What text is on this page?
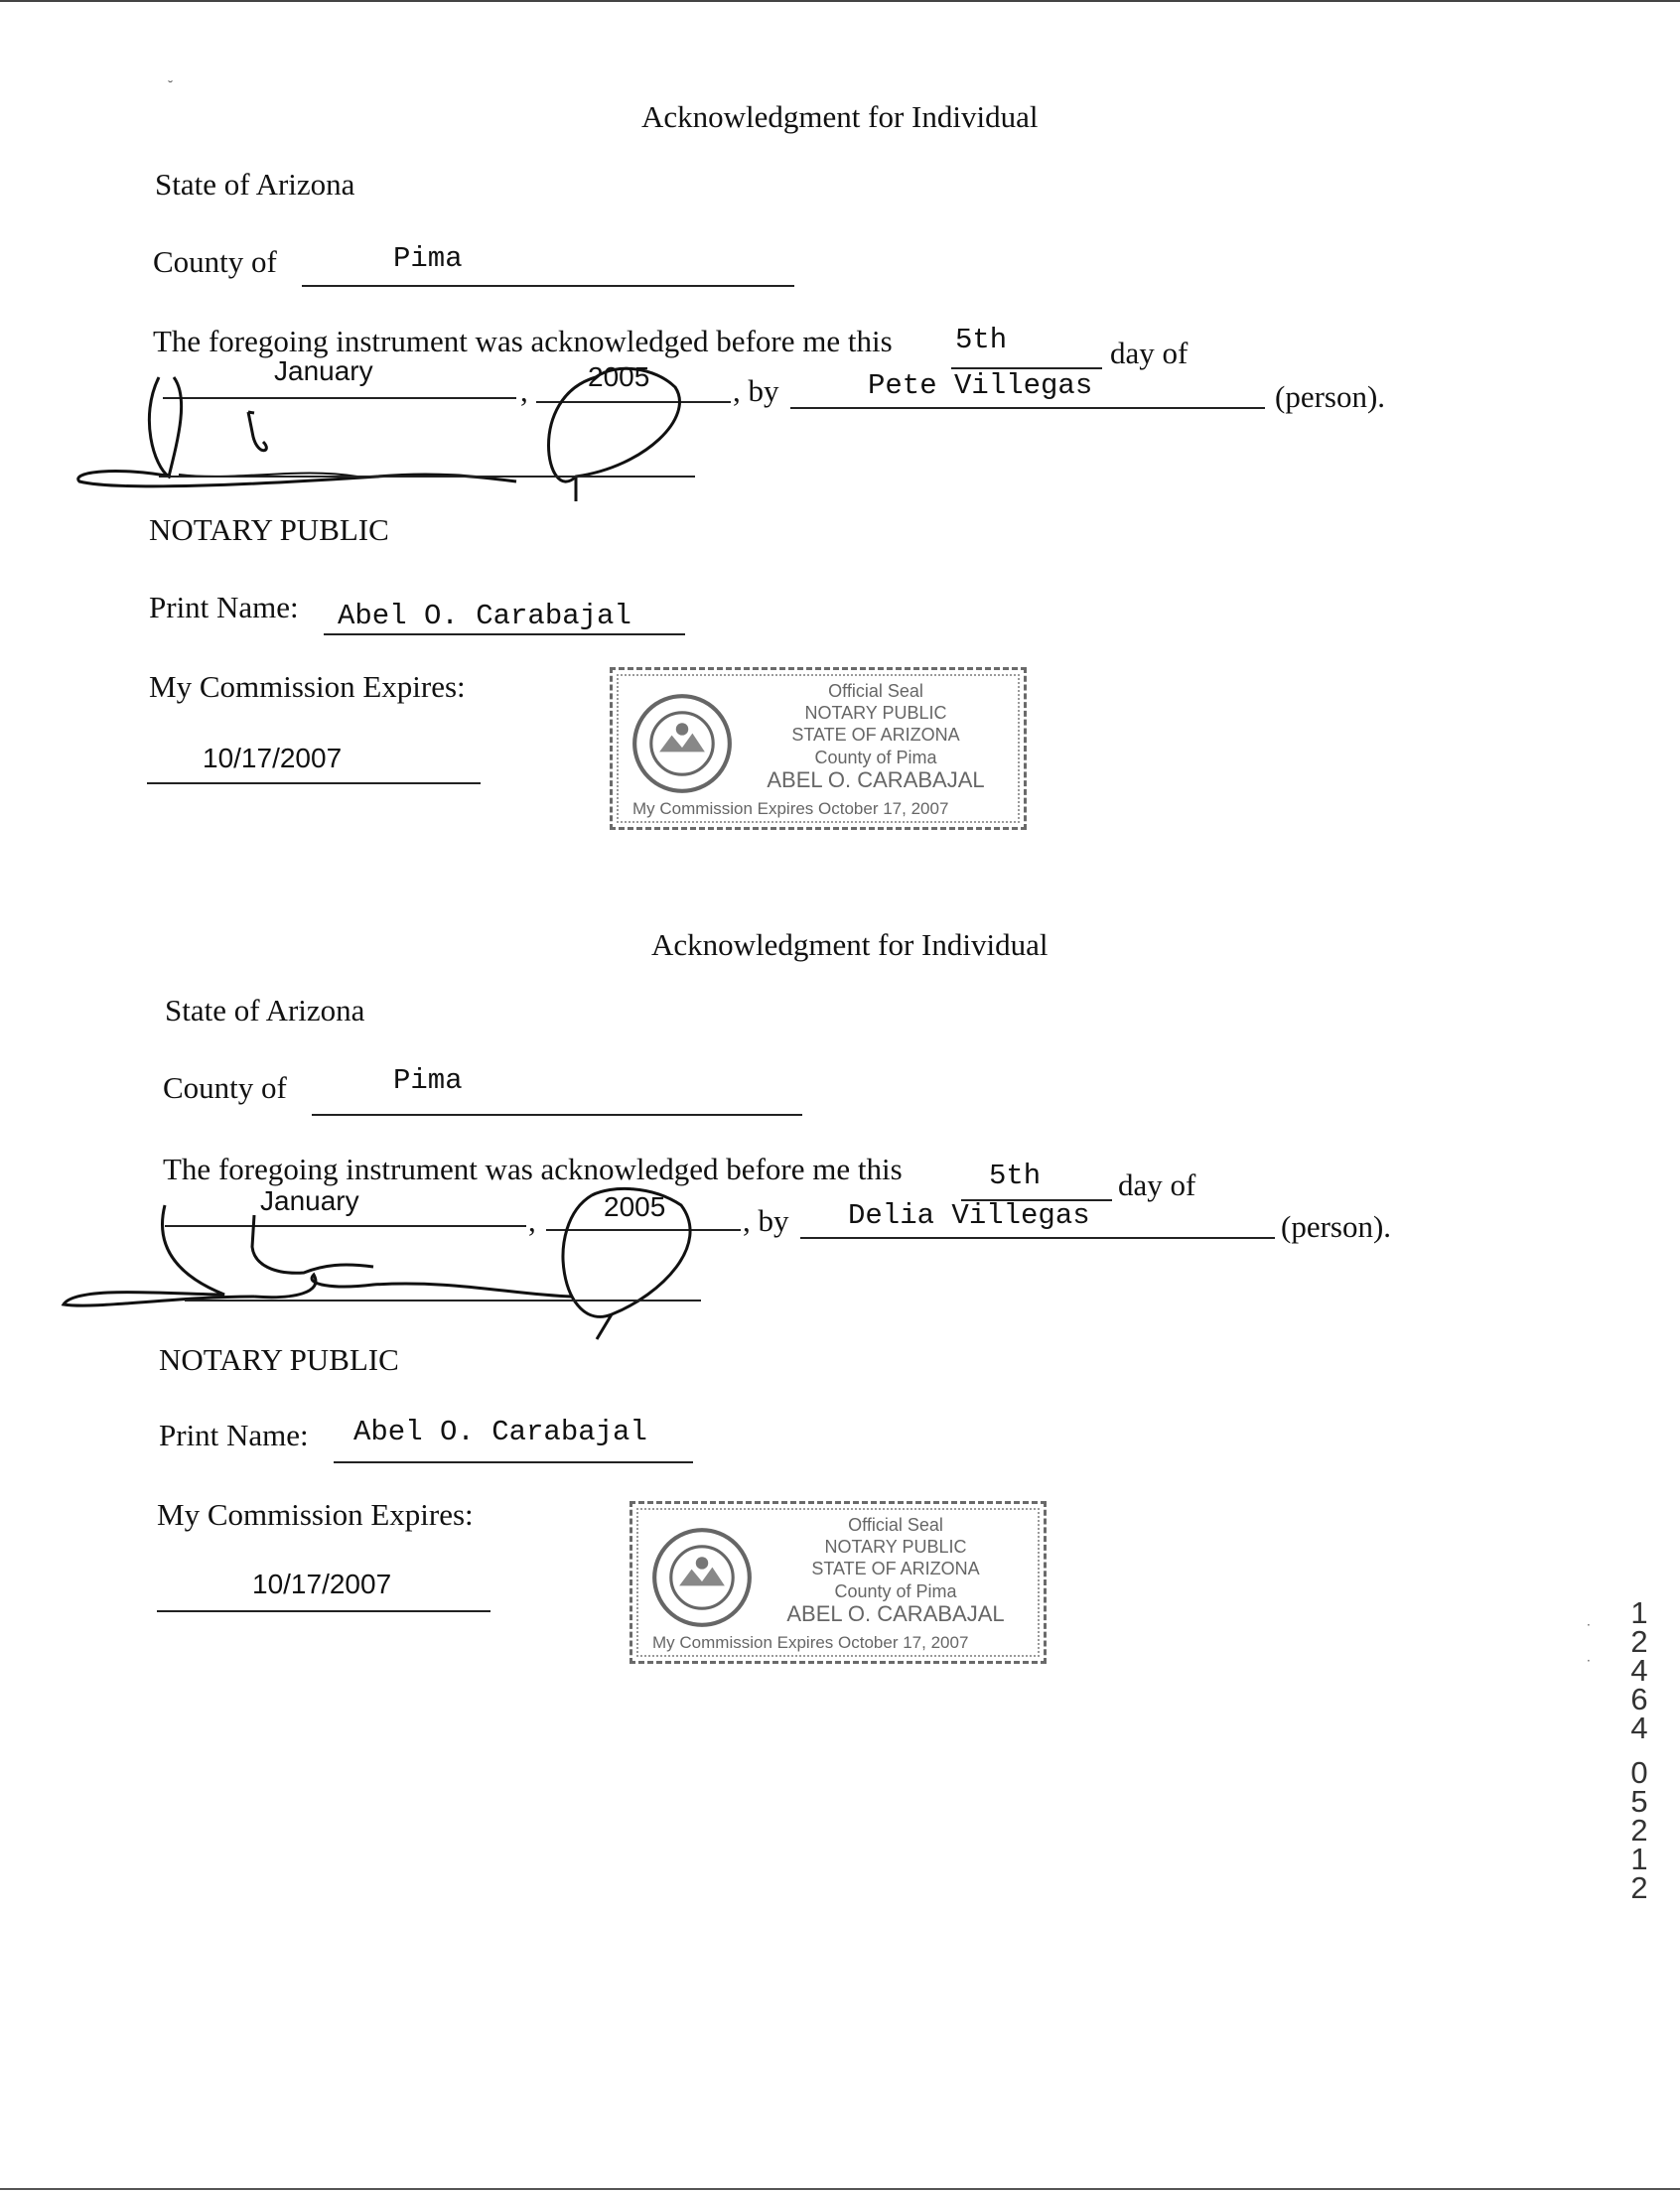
Acknowledgment for Individual
State of Arizona
County of	Pima
The foregoing instrument was acknowledged before me this 5th	day of
January
, 2005	, by	Pete Villegas	(person).
NOTARY PUBLIC
Print Name: Abel O. Carabajal
My Commission Expires:
10/17/2007
Official Seal
NOTARY PUBLIC
STATE OF ARIZONA
County of Pima
ABEL O. CARABAJAL
My Commission Expires October 17, 2007
Acknowledgment for Individual
State of Arizona
County of	Pima
The foregoing instrument was acknowledged before me this	5th	day of
January
, 2005	, by Delia Villegas	(person).
NOTARY PUBLIC
Print Name: Abel O. Carabajal
My Commission Expires:
10/17/2007
Official Seal
NOTARY PUBLIC
STATE OF ARIZONA
County of Pima
ABEL O. CARABAJAL
My Commission Expires October 17, 2007
1
2
4
6
4
0
5
2
1
2
˘
·
·
